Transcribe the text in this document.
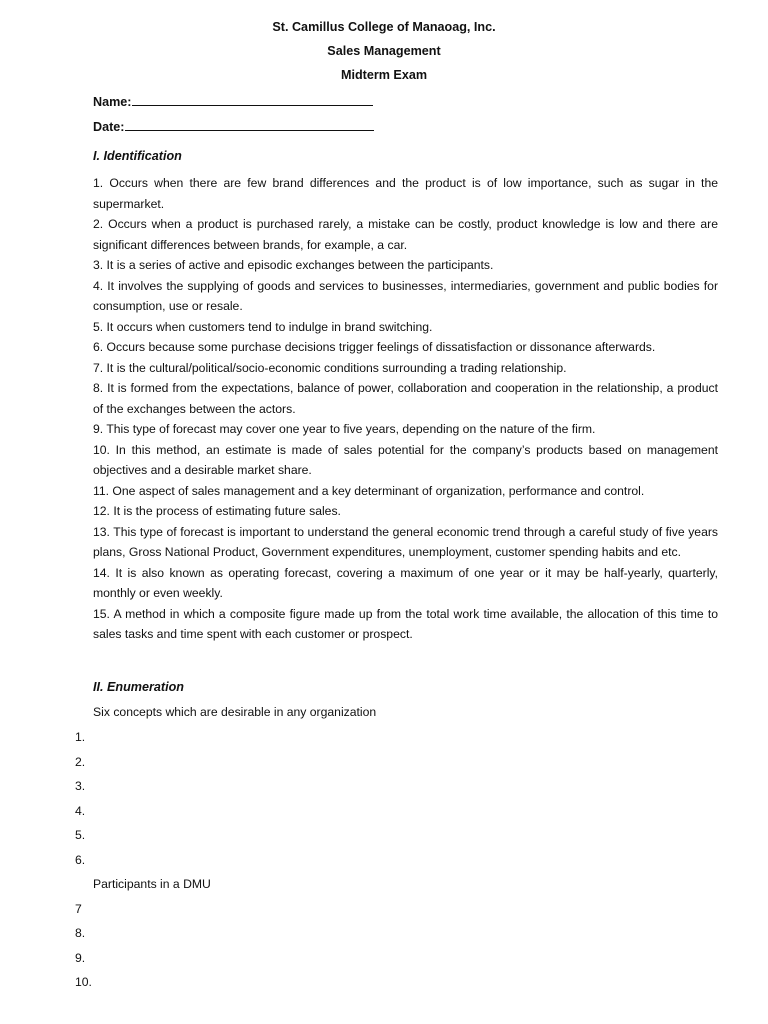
St. Camillus College of Manaoag, Inc.
Sales Management
Midterm Exam
Name:
Date:
I. Identification

1. Occurs when there are few brand differences and the product is of low importance, such as sugar in the supermarket.

2. Occurs when a product is purchased rarely, a mistake can be costly, product knowledge is low and there are significant differences between brands, for example, a car.

3. It is a series of active and episodic exchanges between the participants.

4. It involves the supplying of goods and services to businesses, intermediaries, government and public bodies for consumption, use or resale.

5. It occurs when customers tend to indulge in brand switching.

6. Occurs because some purchase decisions trigger feelings of dissatisfaction or dissonance afterwards.

7. It is the cultural/political/socio-economic conditions surrounding a trading relationship.

8. It is formed from the expectations, balance of power, collaboration and cooperation in the relationship, a product of the exchanges between the actors.

9. This type of forecast may cover one year to five years, depending on the nature of the firm.

10. In this method, an estimate is made of sales potential for the company’s products based on management objectives and a desirable market share.

11. One aspect of sales management and a key determinant of organization, performance and control.

12. It is the process of estimating future sales.

13. This type of forecast is important to understand the general economic trend through a careful study of five years plans, Gross National Product, Government expenditures, unemployment, customer spending habits and etc.

14. It is also known as operating forecast, covering a maximum of one year or it may be half-yearly, quarterly, monthly or even weekly.

15. A method in which a composite figure made up from the total work time available, the allocation of this time to sales tasks and time spent with each customer or prospect.

II. Enumeration
Six concepts which are desirable in any organization
1.
2.
3.
4.
5.
6.
Participants in a DMU
7
8.
9.
10.
